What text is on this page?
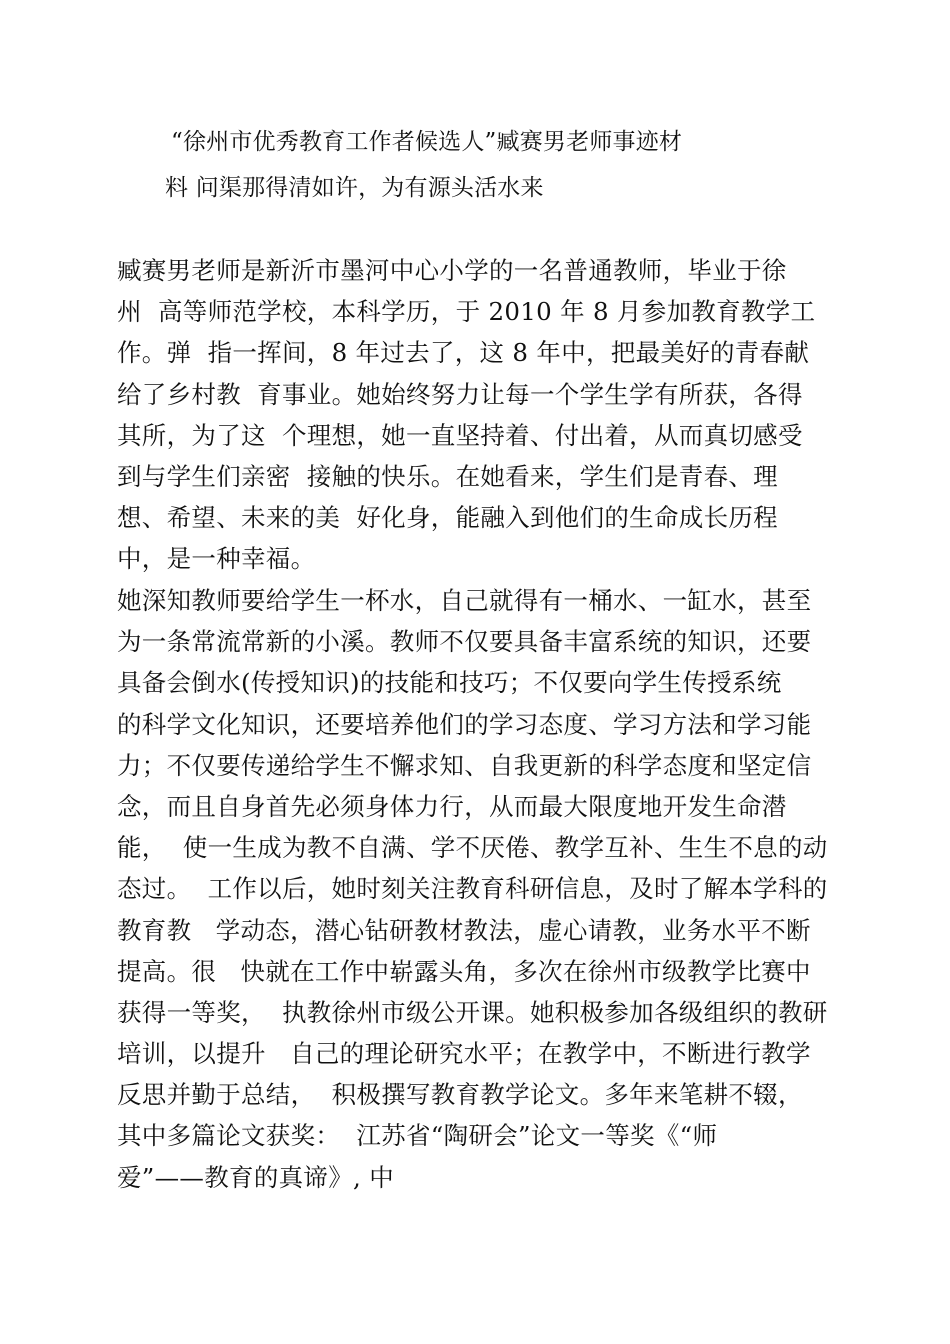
“徐州市优秀教育工作者候选人”臧赛男老师事迹材
料 问渠那得清如许，为有源头活水来
臧赛男老师是新沂市墨河中心小学的一名普通教师，毕业于徐
州  高等师范学校，本科学历，于 2010 年 8 月参加教育教学工
作。弹  指一挥间，8 年过去了，这 8 年中，把最美好的青春献
给了乡村教  育事业。她始终努力让每一个学生学有所获，各得
其所，为了这  个理想，她一直坚持着、付出着，从而真切感受
到与学生们亲密  接触的快乐。在她看来，学生们是青春、理
想、希望、未来的美  好化身，能融入到他们的生命成长历程
中，是一种幸福。
她深知教师要给学生一杯水，自己就得有一桶水、一缸水，甚至
为一条常流常新的小溪。教师不仅要具备丰富系统的知识，还要
具备会倒水(传授知识)的技能和技巧；不仅要向学生传授系统
的科学文化知识，还要培养他们的学习态度、学习方法和学习能
力；不仅要传递给学生不懈求知、自我更新的科学态度和坚定信
念，而且自身首先必须身体力行，从而最大限度地开发生命潜
能，  使一生成为教不自满、学不厌倦、教学互补、生生不息的动
态过。  工作以后，她时刻关注教育科研信息，及时了解本学科的
教育教   学动态，潜心钻研教材教法，虚心请教，业务水平不断
提高。很   快就在工作中崭露头角，多次在徐州市级教学比赛中
获得一等奖，  执教徐州市级公开课。她积极参加各级组织的教研
培训，以提升   自己的理论研究水平；在教学中，不断进行教学
反思并勤于总结，  积极撰写教育教学论文。多年来笔耕不辍，
其中多篇论文获奖：  江苏省“陶研会”论文一等奖《“师
爱”——教育的真谛》, 中
